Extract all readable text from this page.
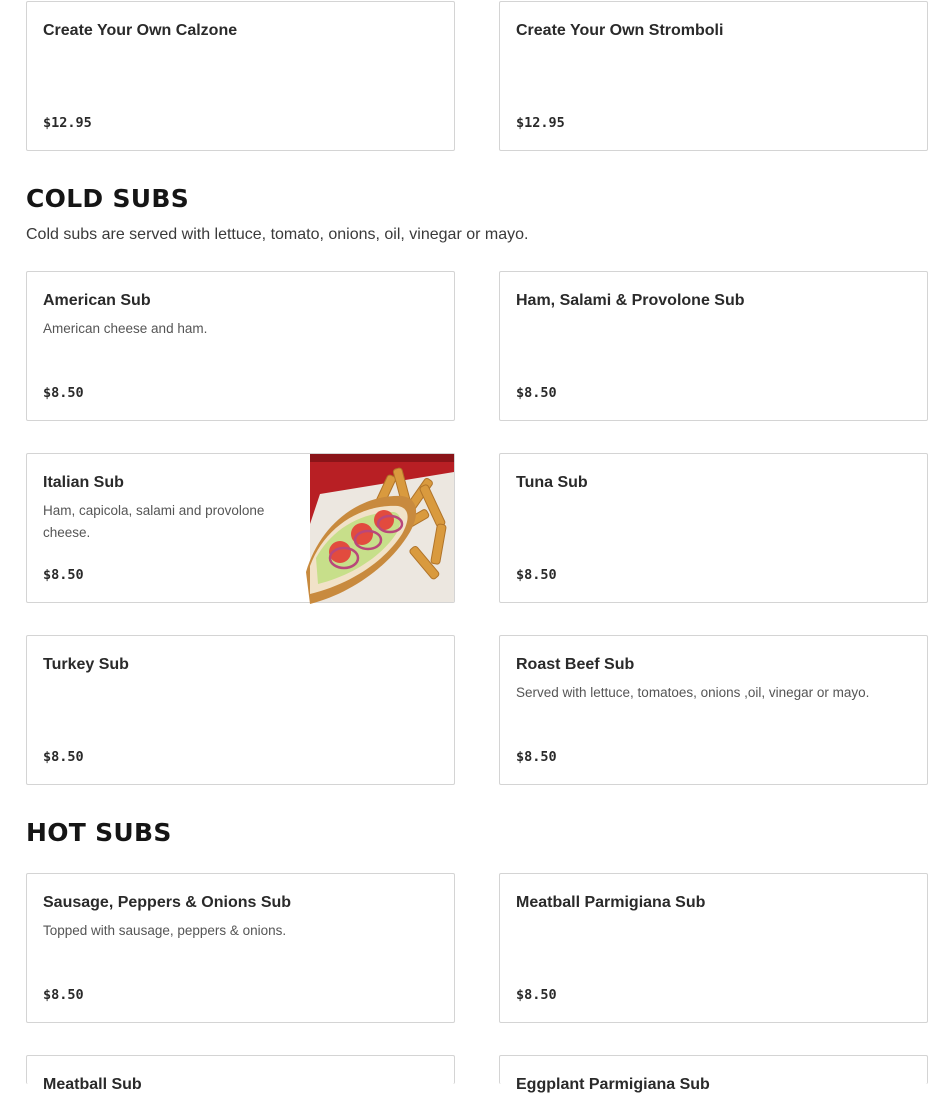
Create Your Own Calzone
$12.95
Create Your Own Stromboli
$12.95
COLD SUBS
Cold subs are served with lettuce, tomato, onions, oil, vinegar or mayo.
American Sub
American cheese and ham.
$8.50
Ham, Salami & Provolone Sub
$8.50
Italian Sub
Ham, capicola, salami and provolone cheese.
$8.50
Tuna Sub
$8.50
Turkey Sub
$8.50
Roast Beef Sub
Served with lettuce, tomatoes, onions ,oil, vinegar or mayo.
$8.50
HOT SUBS
Sausage, Peppers & Onions Sub
Topped with sausage, peppers & onions.
$8.50
Meatball Parmigiana Sub
$8.50
Meatball Sub	Eggplant Parmigiana Sub
